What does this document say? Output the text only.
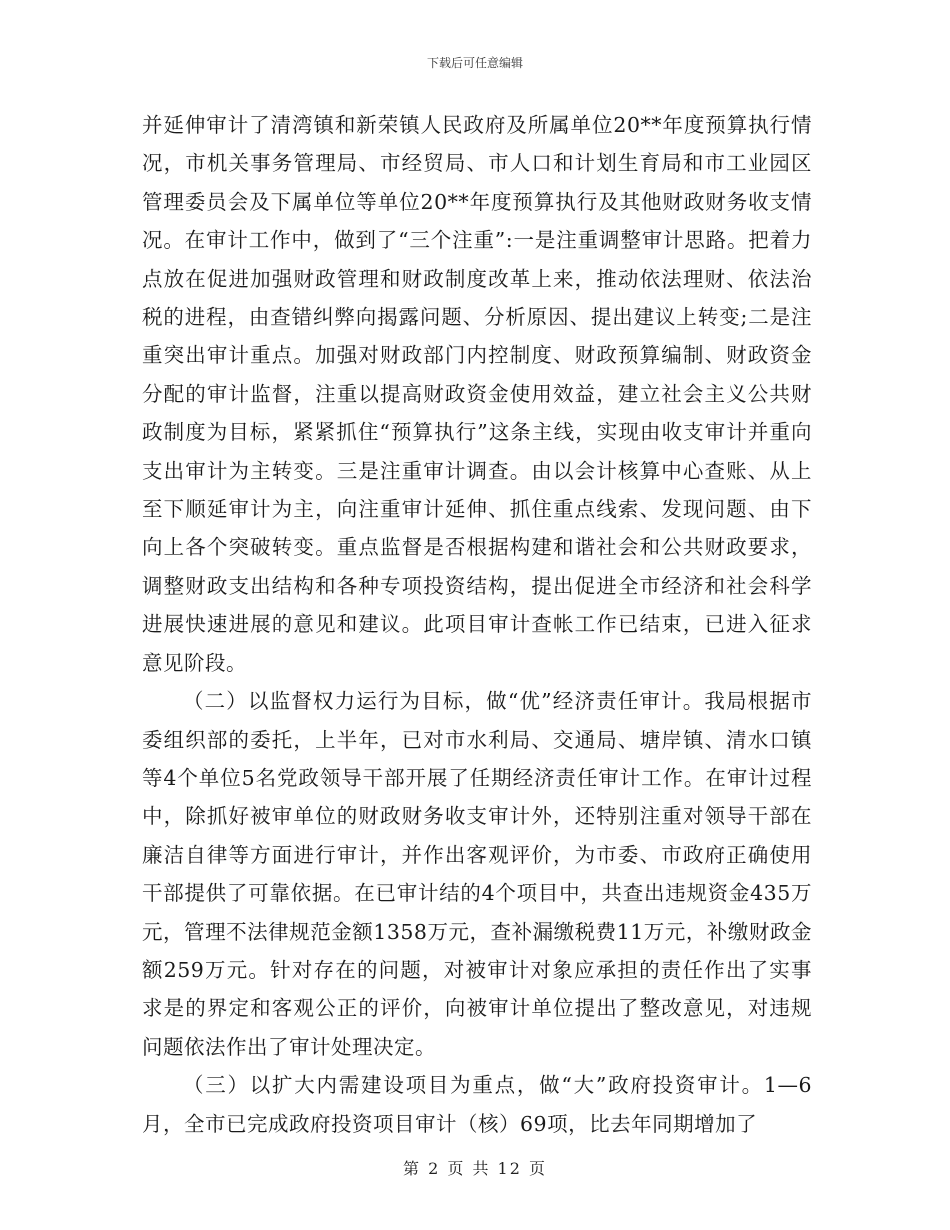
下载后可任意编辑

并延伸审计了清湾镇和新荣镇人民政府及所属单位20**年度预算执行情况，市机关事务管理局、市经贸局、市人口和计划生育局和市工业园区管理委员会及下属单位等单位20**年度预算执行及其他财政财务收支情况。在审计工作中，做到了“三个注重”:一是注重调整审计思路。把着力点放在促进加强财政管理和财政制度改革上来，推动依法理财、依法治税的进程，由查错纠弊向揭露问题、分析原因、提出建议上转变;二是注重突出审计重点。加强对财政部门内控制度、财政预算编制、财政资金分配的审计监督，注重以提高财政资金使用效益，建立社会主义公共财政制度为目标，紧紧抓住“预算执行”这条主线，实现由收支审计并重向支出审计为主转变。三是注重审计调查。由以会计核算中心查账、从上至下顺延审计为主，向注重审计延伸、抓住重点线索、发现问题、由下向上各个突破转变。重点监督是否根据构建和谐社会和公共财政要求，调整财政支出结构和各种专项投资结构，提出促进全市经济和社会科学进展快速进展的意见和建议。此项目审计查帐工作已结束，已进入征求意见阶段。

（二）以监督权力运行为目标，做“优”经济责任审计。我局根据市委组织部的委托，上半年，已对市水利局、交通局、塘岸镇、清水口镇等4个单位5名党政领导干部开展了任期经济责任审计工作。在审计过程中，除抓好被审单位的财政财务收支审计外，还特别注重对领导干部在廉洁自律等方面进行审计，并作出客观评价，为市委、市政府正确使用干部提供了可靠依据。在已审计结的4个项目中，共查出违规资金435万元，管理不法律规范金额1358万元，查补漏缴税费11万元，补缴财政金额259万元。针对存在的问题，对被审计对象应承担的责任作出了实事求是的界定和客观公正的评价，向被审计单位提出了整改意见，对违规问题依法作出了审计处理决定。

（三）以扩大内需建设项目为重点，做“大”政府投资审计。1—6月，全市已完成政府投资项目审计（核）69项，比去年同期增加了

第 2 页 共 12 页
